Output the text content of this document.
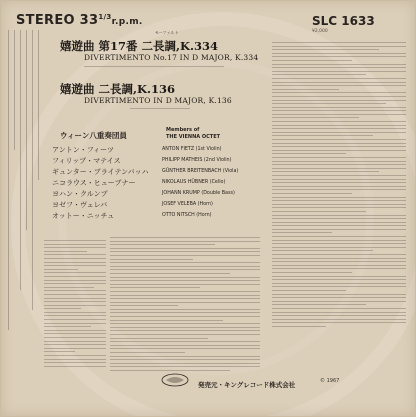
STEREO $33^{1/3}r.p.m$.	SLC 1633
¥2,000
モーツァルト
嬉遊曲 第17番 二長調,K.334
DIVERTIMENTO No.17 IN D MAJOR, K.334
嬉遊曲 二長調,K.136
DIVERTIMENTO IN D MAJOR, K.136
ウィーン八重奏団員
Members of
THE VIENNA OCTET
アントン・フィーツ	ANTON FIETZ (1st Violin)
フィリップ・マテイス	PHILIPP MATHEIS (2nd Violin)
ギュンター・ブライテンバッハ	GÜNTHER BREITENBACH (Viola)
ニコラウス・ヒューブナー	NIKOLAUS HÜBNER (Cello)
ヨハン・クルンプ	JOHANN KRUMP (Double Bass)
ヨゼフ・ヴェレバ	JOSEF VELEBA (Horn)
オットー・ニッチュ	OTTO NITSCH (Horn)
発売元・キングレコード株式会社	© 1967
